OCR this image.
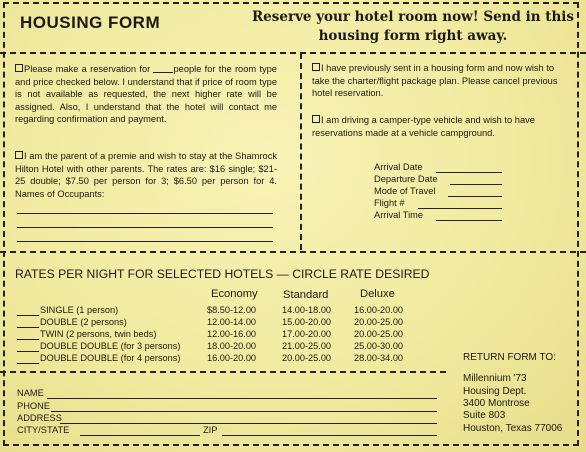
HOUSING FORM	Reserve your hotel room now! Send in this
housing form right away.
Please make a reservation for	people for the room type and price checked below. I understand that if price of room type is not available as requested, the next higher rate will be assigned. Also, I understand that the hotel will contact me regarding confirmation and payment.
I am the parent of a premie and wish to stay at the Shamrock Hilton Hotel with other parents. The rates are: $16 single; $21-25 double; $7.50 per person for 3; $6.50 per person for 4. Names of Occupants:
I have previously sent in a housing form and now wish to take the charter/flight package plan. Please cancel previous hotel reservation.
I am driving a camper-type vehicle and wish to have reservations made at a vehicle campground.
Arrival Date
Departure Date
Mode of Travel
Flight #
Arrival Time
RATES PER NIGHT FOR SELECTED HOTELS — CIRCLE RATE DESIRED
Economy Standard	Deluxe
SINGLE (1 person)	$8.50-12.00	14.00-18.00 16.00-20.00
DOUBLE (2 persons)	12.00-14.00	15.00-20.00 20.00-25.00
TWIN (2 persons, twin beds)	12.00-16.00	17.00-20.00 20.00-25.00
DOUBLE DOUBLE (for 3 persons)	18.00-20.00	21.00-25.00 25.00-30.00
DOUBLE DOUBLE (for 4 persons)	16.00-20.00	20.00-25.00 28.00-34.00
NAME
PHONE
ADDRESS
CITY/STATE	ZIP
RETURN FORM TO:
Millennium '73
Housing Dept.
3400 Montrose
Suite 803
Houston, Texas 77006
